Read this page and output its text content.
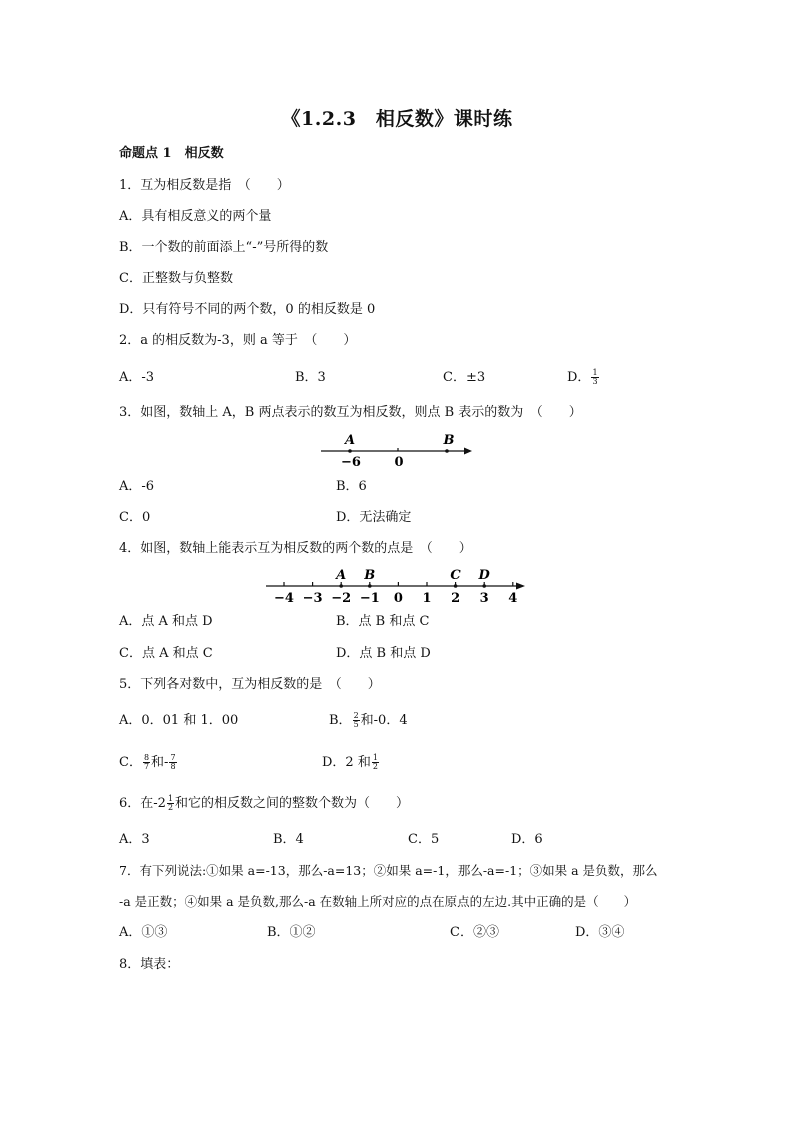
《1.2.3　相反数》课时练
命题点 1　相反数
1．互为相反数是指　（　　）
A．具有相反意义的两个量
B．一个数的前面添上“-”号所得的数
C．正整数与负整数
D．只有符号不同的两个数，0 的相反数是 0
2．a 的相反数为-3，则 a 等于　（　　）
A．-3	B．3	C．±3	D． $\frac{1}{3}$
3．如图，数轴上 A，B 两点表示的数互为相反数，则点 B 表示的数为　（　　）
A	B
−6	0
A．-6	B．6
C．0	D．无法确定
4．如图，数轴上能表示互为相反数的两个数的点是　（　　）
−4 −3 −2 −1 0 1 2 3 4
A B	C D
A．点 A 和点 D	B．点 B 和点 C
C．点 A 和点 C	D．点 B 和点 D
5．下列各对数中，互为相反数的是　（　　）
A．0．01 和 1．00	B． $\frac{2}{5}$ 和-0．4
C． $\frac{8}{7}$ 和- $\frac{7}{8}$	D．2 和 $\frac{1}{2}$
6．在$-2 \frac{1}{2}$ 和它的相反数之间的整数个数为（　　）
A．3	B．4	C．5	D．6
7．有下列说法:①如果 a=-13，那么-a=13；②如果 a=-1，那么-a=-1；③如果 a 是负数，那么
-a 是正数；④如果 a 是负数,那么-a 在数轴上所对应的点在原点的左边.其中正确的是（　　）
A．①③	B．①②	C．②③	D．③④
8．填表：
